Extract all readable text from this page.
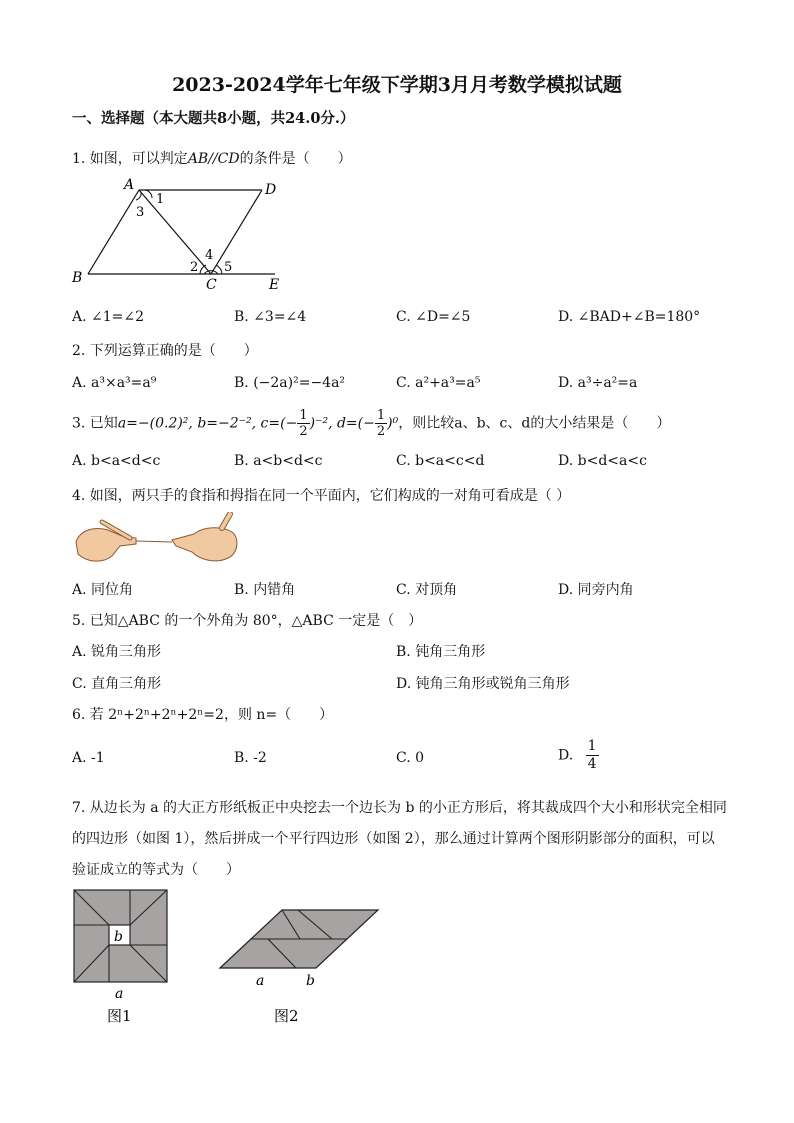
2023-2024学年七年级下学期3月月考数学模拟试题
一、选择题（本大题共8小题，共24.0分.）
1. 如图，可以判定AB//CD的条件是（　　）
A
B	C
D
E
1
3
2
4
5
A. ∠1=∠2	B. ∠3=∠4	C. ∠D=∠5	D. ∠BAD+∠B=180°
2. 下列运算正确的是（　　）
A. a³×a³=a⁹	B. (−2a)²=−4a²	C. a²+a³=a⁵	D. a³÷a²=a
3. 已知a=−(0.2)², b=−2⁻², $c=(- \frac{1}{2} )^{-2}$, $d=(- \frac{1}{2} )^0$，则比较a、b、c、d的大小结果是（　　）
A. b<a<d<c	B. a<b<d<c	C. b<a<c<d	D. b<d<a<c
4. 如图，两只手的食指和拇指在同一个平面内，它们构成的一对角可看成是（ ）
A. 同位角	B. 内错角	C. 对顶角	D. 同旁内角
5. 已知△ABC 的一个外角为 80°，△ABC 一定是（　）
A. 锐角三角形	B. 钝角三角形
C. 直角三角形	D. 钝角三角形或锐角三角形
6. 若 2ⁿ+2ⁿ+2ⁿ+2ⁿ=2，则 n=（　　）
A. -1	B. -2	C. 0	D. $\frac{1}{4}$
7. 从边长为 a 的大正方形纸板正中央挖去一个边长为 b 的小正方形后，将其裁成四个大小和形状完全相同
的四边形（如图 1），然后拼成一个平行四边形（如图 2），那么通过计算两个图形阴影部分的面积，可以
验证成立的等式为（　　）
b
a
图1
a	b
图2
